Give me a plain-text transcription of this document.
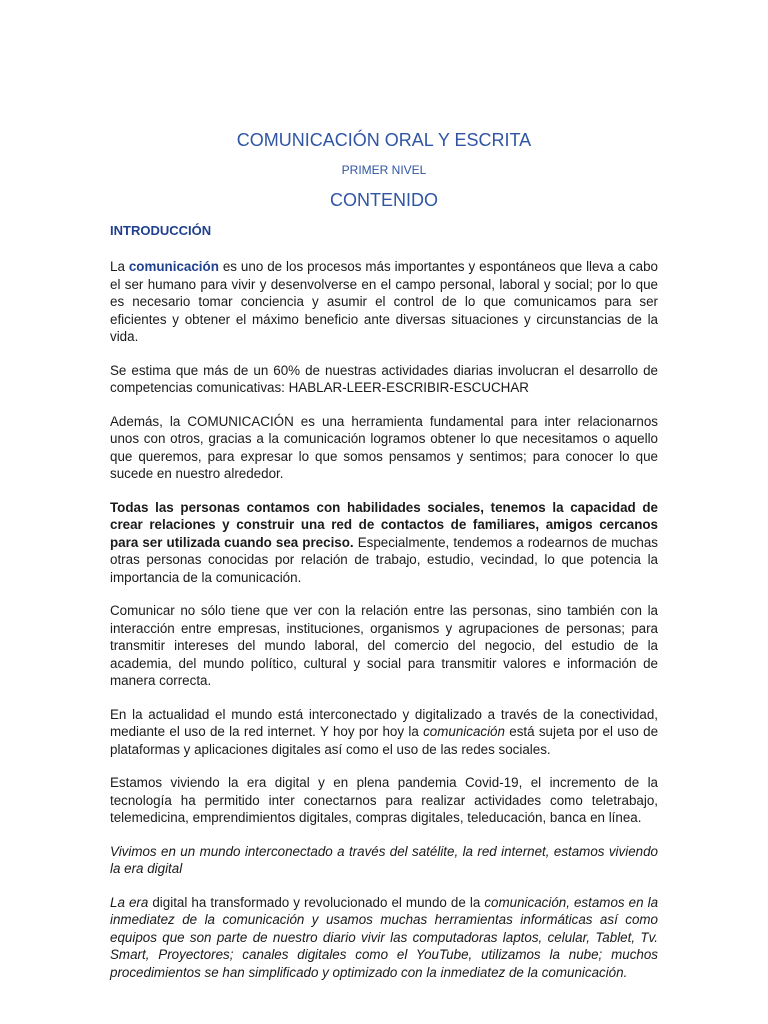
COMUNICACIÓN ORAL Y ESCRITA
PRIMER NIVEL
CONTENIDO
INTRODUCCIÓN

La comunicación es uno de los procesos más importantes y espontáneos que lleva a cabo el ser humano para vivir y desenvolverse en el campo personal, laboral y social; por lo que es necesario tomar conciencia y asumir el control de lo que comunicamos para ser eficientes y obtener el máximo beneficio ante diversas situaciones y circunstancias de la vida.

Se estima que más de un 60% de nuestras actividades diarias involucran el desarrollo de competencias comunicativas: HABLAR-LEER-ESCRIBIR-ESCUCHAR

Además, la COMUNICACIÓN es una herramienta fundamental para inter relacionarnos unos con otros, gracias a la comunicación logramos obtener lo que necesitamos o aquello que queremos, para expresar lo que somos pensamos y sentimos; para conocer lo que sucede en nuestro alrededor.

Todas las personas contamos con habilidades sociales, tenemos la capacidad de crear relaciones y construir una red de contactos de familiares, amigos cercanos para ser utilizada cuando sea preciso. Especialmente, tendemos a rodearnos de muchas otras personas conocidas por relación de trabajo, estudio, vecindad, lo que potencia la importancia de la comunicación.

Comunicar no sólo tiene que ver con la relación entre las personas, sino también con la interacción entre empresas, instituciones, organismos y agrupaciones de personas; para transmitir intereses del mundo laboral, del comercio del negocio, del estudio de la academia, del mundo político, cultural y social para transmitir valores e información de manera correcta.

En la actualidad el mundo está interconectado y digitalizado a través de la conectividad, mediante el uso de la red internet. Y hoy por hoy la comunicación está sujeta por el uso de plataformas y aplicaciones digitales así como el uso de las redes sociales.

Estamos viviendo la era digital y en plena pandemia Covid-19, el incremento de la tecnología ha permitido inter conectarnos para realizar actividades como teletrabajo, telemedicina, emprendimientos digitales, compras digitales, teleducación, banca en línea.

Vivimos en un mundo interconectado a través del satélite, la red internet, estamos viviendo la era digital

La era digital ha transformado y revolucionado el mundo de la comunicación, estamos en la inmediatez de la comunicación y usamos muchas herramientas informáticas así como equipos que son parte de nuestro diario vivir las computadoras laptos, celular, Tablet, Tv. Smart, Proyectores; canales digitales como el YouTube, utilizamos la nube; muchos procedimientos se han simplificado y optimizado con la inmediatez de la comunicación.
